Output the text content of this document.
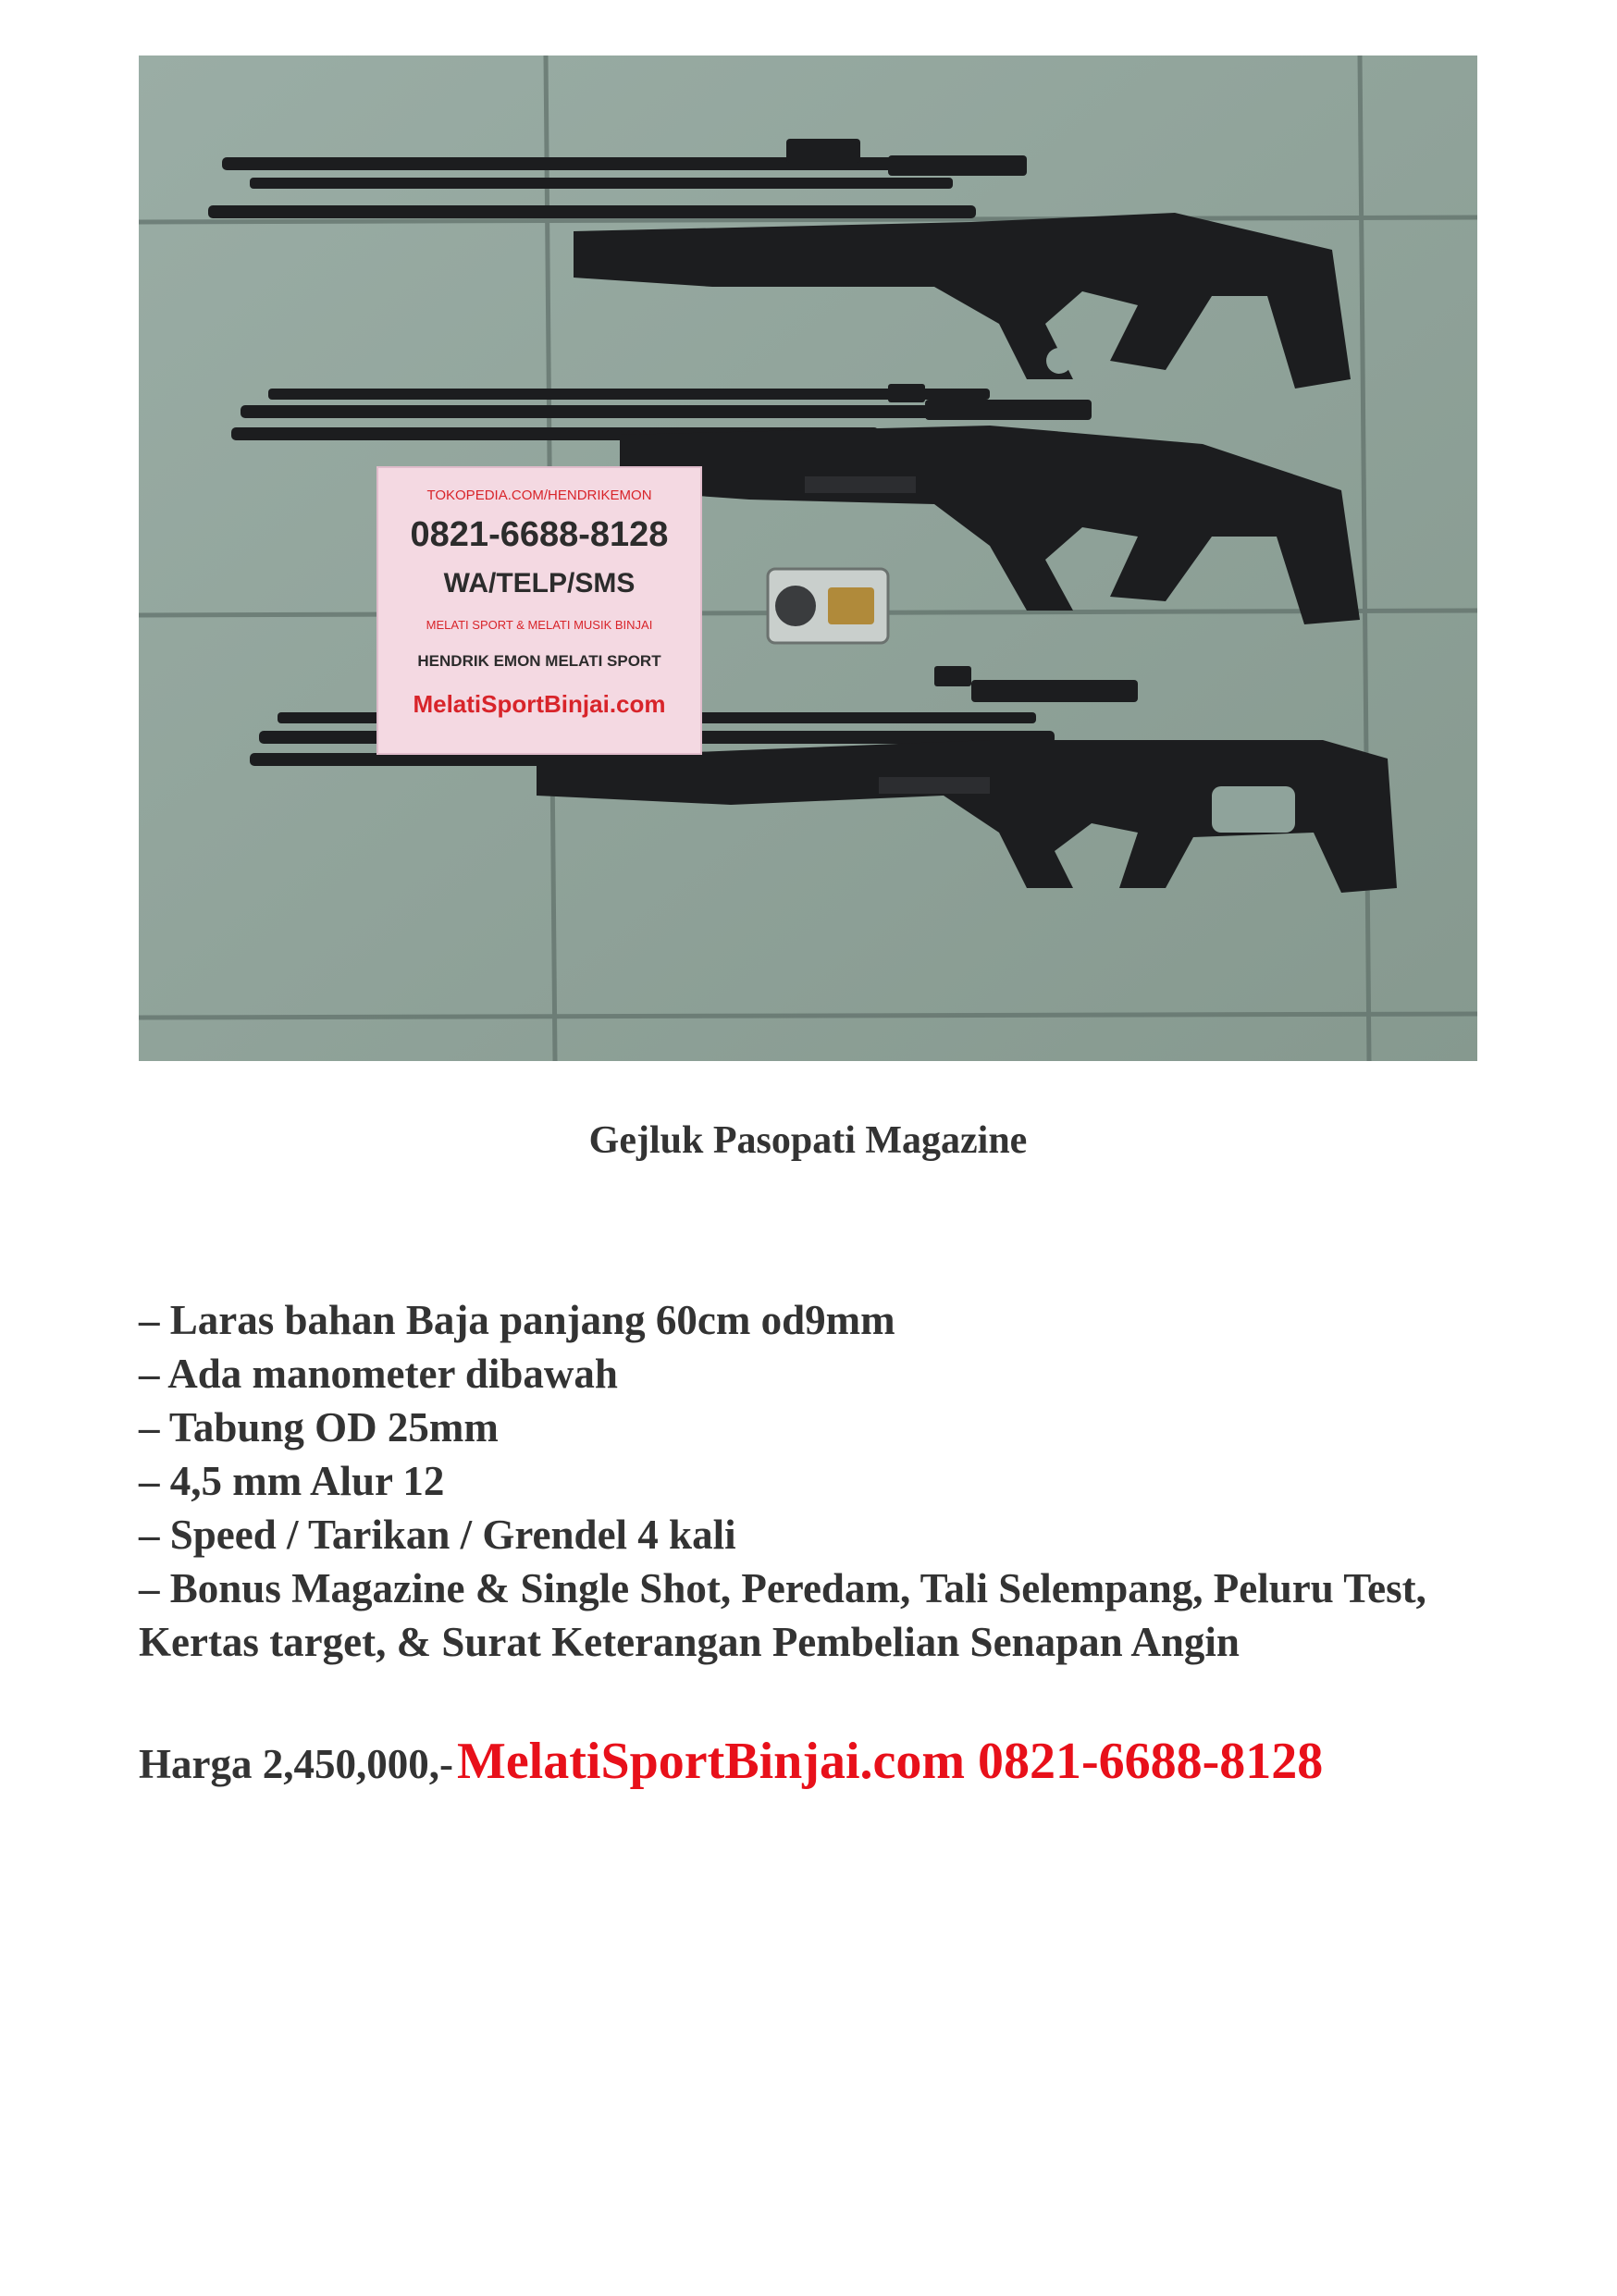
TOKOPEDIA.COM/HENDRIKEMON
0821-6688-8128
WA/TELP/SMS
MELATI SPORT & MELATI MUSIK BINJAI
HENDRIK EMON MELATI SPORT
MelatiSportBinjai.com
Gejluk Pasopati Magazine
– Laras bahan Baja panjang 60cm od9mm
– Ada manometer dibawah
– Tabung OD 25mm
– 4,5 mm Alur 12
– Speed / Tarikan / Grendel 4 kali
– Bonus Magazine & Single Shot, Peredam, Tali Selempang, Peluru Test, Kertas target, & Surat Keterangan Pembelian Senapan Angin
Harga 2,450,000,- MelatiSportBinjai.com 0821-6688-8128
